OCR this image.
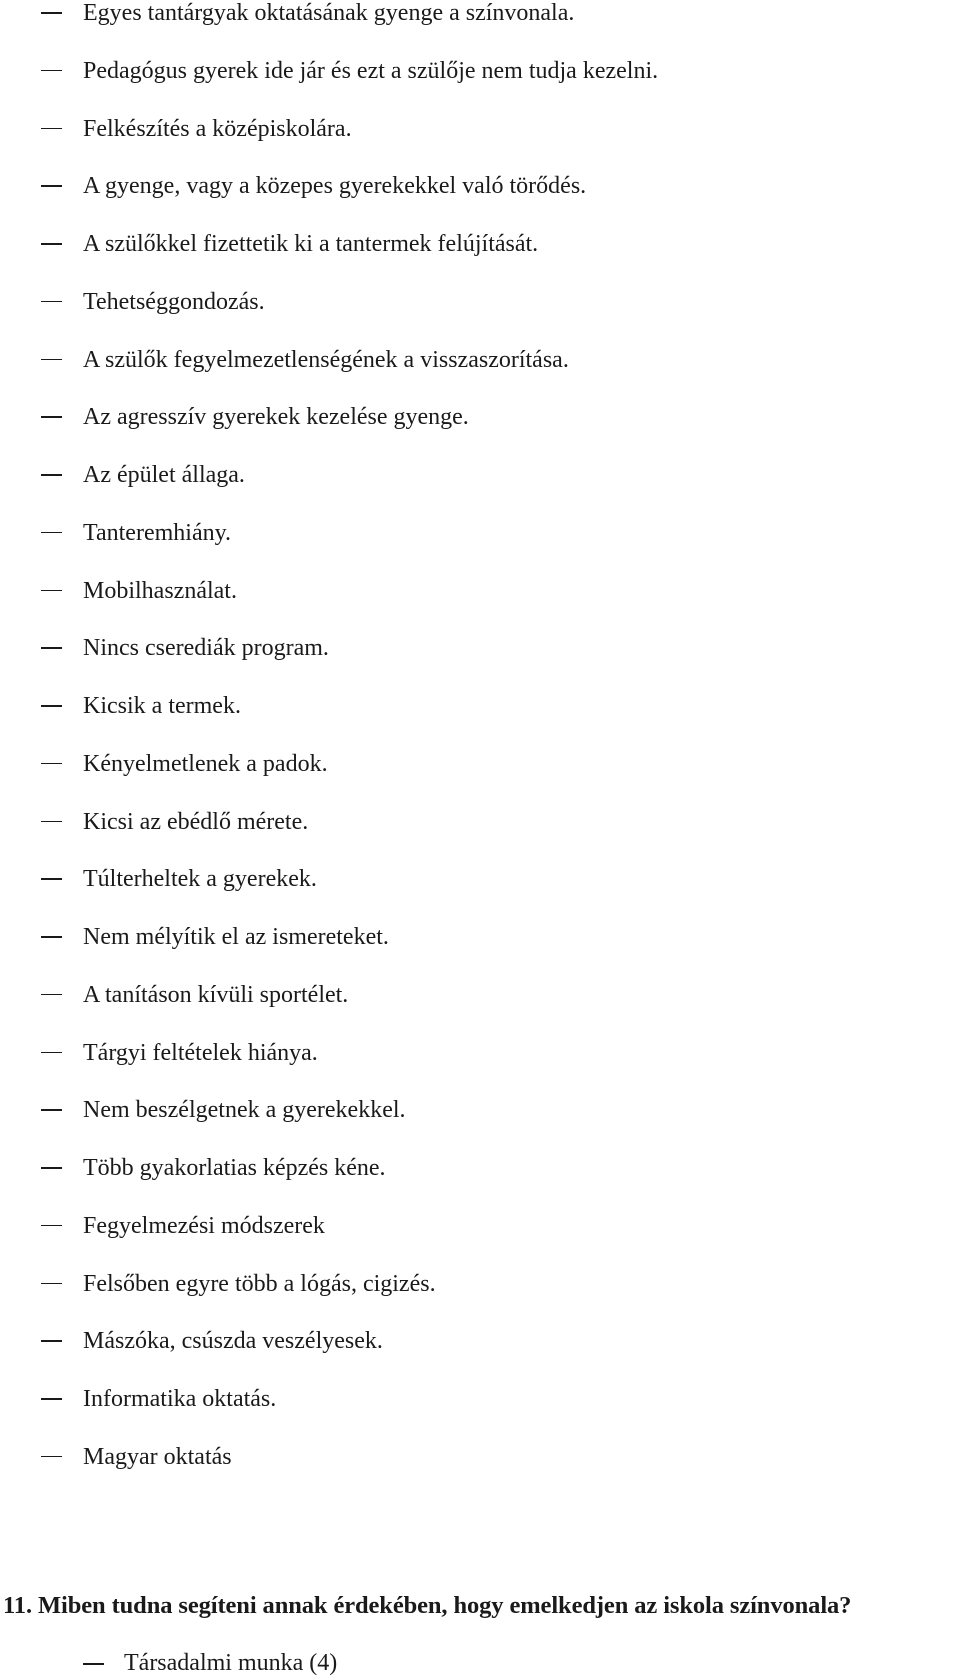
Egyes tantárgyak oktatásának gyenge a színvonala.
Pedagógus gyerek ide jár és ezt a szülője nem tudja kezelni.
Felkészítés a középiskolára.
A gyenge, vagy a közepes gyerekekkel való törődés.
A szülőkkel fizettetik ki a tantermek felújítását.
Tehetséggondozás.
A szülők fegyelmezetlenségének a visszaszorítása.
Az agresszív gyerekek kezelése gyenge.
Az épület állaga.
Tanteremhiány.
Mobilhasználat.
Nincs cserediák program.
Kicsik a termek.
Kényelmetlenek a padok.
Kicsi az ebédlő mérete.
Túlterheltek a gyerekek.
Nem mélyítik el az ismereteket.
A tanításon kívüli sportélet.
Tárgyi feltételek hiánya.
Nem beszélgetnek a gyerekekkel.
Több gyakorlatias képzés kéne.
Fegyelmezési módszerek
Felsőben egyre több a lógás, cigizés.
Mászóka, csúszda veszélyesek.
Informatika oktatás.
Magyar oktatás
11. Miben tudna segíteni annak érdekében, hogy emelkedjen az iskola színvonala?
Társadalmi munka (4)
